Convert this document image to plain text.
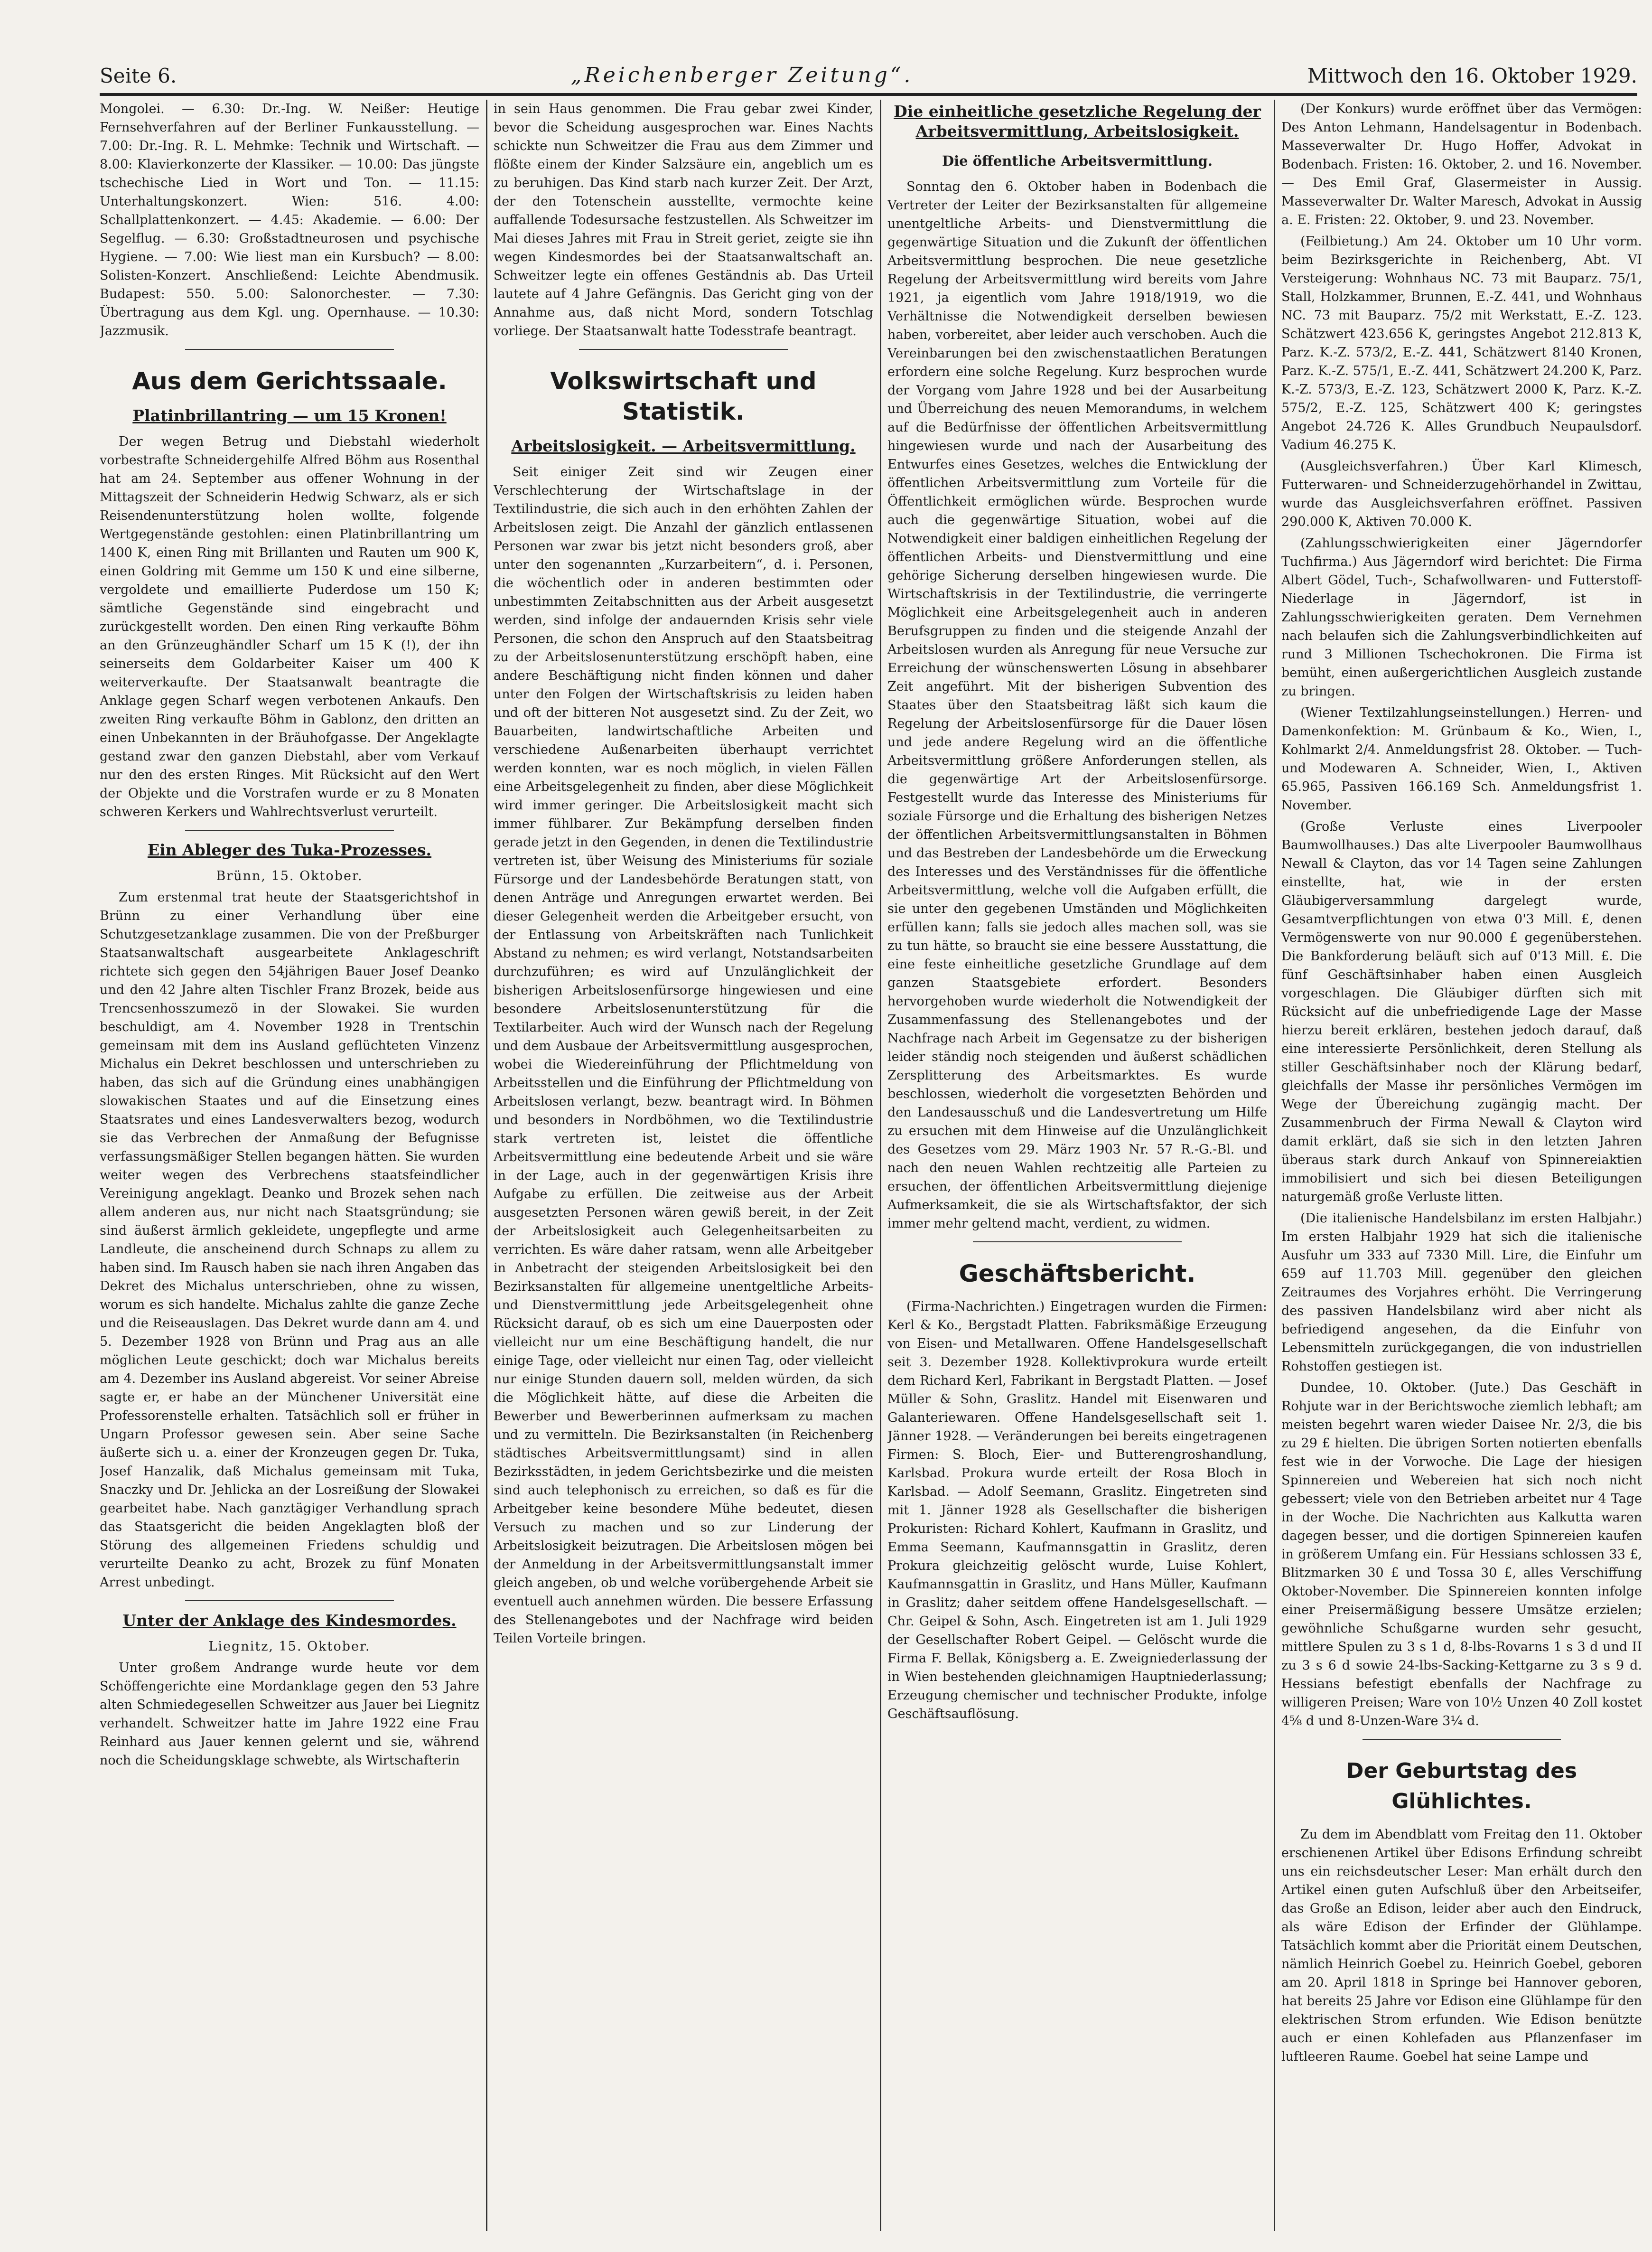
Seite 6.	„Reichenberger Zeitung“.	Mittwoch den 16. Oktober 1929.

Mongolei. — 6.30: Dr.-Ing. W. Neißer: Heutige Fernsehverfahren auf der Berliner Funkausstellung. — 7.00: Dr.-Ing. R. L. Mehmke: Technik und Wirtschaft. — 8.00: Klavierkonzerte der Klassiker. — 10.00: Das jüngste tschechische Lied in Wort und Ton. — 11.15: Unterhaltungskonzert. Wien: 516. 4.00: Schallplattenkonzert. — 4.45: Akademie. — 6.00: Der Segelflug. — 6.30: Großstadtneurosen und psychische Hygiene. — 7.00: Wie liest man ein Kursbuch? — 8.00: Solisten-Konzert. Anschließend: Leichte Abendmusik. Budapest: 550. 5.00: Salonorchester. — 7.30: Übertragung aus dem Kgl. ung. Opernhause. — 10.30: Jazzmusik.

Aus dem Gerichtssaale.
Platinbrillantring — um 15 Kronen!

Der wegen Betrug und Diebstahl wiederholt vorbestrafte Schneidergehilfe Alfred Böhm aus Rosenthal hat am 24. September aus offener Wohnung in der Mittagszeit der Schneiderin Hedwig Schwarz, als er sich Reisendenunterstützung holen wollte, folgende Wertgegenstände gestohlen: einen Platinbrillantring um 1400 K, einen Ring mit Brillanten und Rauten um 900 K, einen Goldring mit Gemme um 150 K und eine silberne, vergoldete und emaillierte Puderdose um 150 K; sämtliche Gegenstände sind eingebracht und zurückgestellt worden. Den einen Ring verkaufte Böhm an den Grünzeughändler Scharf um 15 K (!), der ihn seinerseits dem Goldarbeiter Kaiser um 400 K weiterverkaufte. Der Staatsanwalt beantragte die Anklage gegen Scharf wegen verbotenen Ankaufs. Den zweiten Ring verkaufte Böhm in Gablonz, den dritten an einen Unbekannten in der Bräuhofgasse. Der Angeklagte gestand zwar den ganzen Diebstahl, aber vom Verkauf nur den des ersten Ringes. Mit Rücksicht auf den Wert der Objekte und die Vorstrafen wurde er zu 8 Monaten schweren Kerkers und Wahlrechtsverlust verurteilt.

Ein Ableger des Tuka-Prozesses.
Brünn, 15. Oktober.

Zum erstenmal trat heute der Staatsgerichtshof in Brünn zu einer Verhandlung über eine Schutzgesetzanklage zusammen. Die von der Preßburger Staatsanwaltschaft ausgearbeitete Anklageschrift richtete sich gegen den 54jährigen Bauer Josef Deanko und den 42 Jahre alten Tischler Franz Brozek, beide aus Trencsenhosszumezö in der Slowakei. Sie wurden beschuldigt, am 4. November 1928 in Trentschin gemeinsam mit dem ins Ausland geflüchteten Vinzenz Michalus ein Dekret beschlossen und unterschrieben zu haben, das sich auf die Gründung eines unabhängigen slowakischen Staates und auf die Einsetzung eines Staatsrates und eines Landesverwalters bezog, wodurch sie das Verbrechen der Anmaßung der Befugnisse verfassungsmäßiger Stellen begangen hätten. Sie wurden weiter wegen des Verbrechens staatsfeindlicher Vereinigung angeklagt. Deanko und Brozek sehen nach allem anderen aus, nur nicht nach Staatsgründung; sie sind äußerst ärmlich gekleidete, ungepflegte und arme Landleute, die anscheinend durch Schnaps zu allem zu haben sind. Im Rausch haben sie nach ihren Angaben das Dekret des Michalus unterschrieben, ohne zu wissen, worum es sich handelte. Michalus zahlte die ganze Zeche und die Reiseauslagen. Das Dekret wurde dann am 4. und 5. Dezember 1928 von Brünn und Prag aus an alle möglichen Leute geschickt; doch war Michalus bereits am 4. Dezember ins Ausland abgereist. Vor seiner Abreise sagte er, er habe an der Münchener Universität eine Professorenstelle erhalten. Tatsächlich soll er früher in Ungarn Professor gewesen sein. Aber seine Sache äußerte sich u. a. einer der Kronzeugen gegen Dr. Tuka, Josef Hanzalik, daß Michalus gemeinsam mit Tuka, Snaczky und Dr. Jehlicka an der Losreißung der Slowakei gearbeitet habe. Nach ganztägiger Verhandlung sprach das Staatsgericht die beiden Angeklagten bloß der Störung des allgemeinen Friedens schuldig und verurteilte Deanko zu acht, Brozek zu fünf Monaten Arrest unbedingt.

Unter der Anklage des Kindesmordes.
Liegnitz, 15. Oktober.

Unter großem Andrange wurde heute vor dem Schöffengerichte eine Mordanklage gegen den 53 Jahre alten Schmiedegesellen Schweitzer aus Jauer bei Liegnitz verhandelt. Schweitzer hatte im Jahre 1922 eine Frau Reinhard aus Jauer kennen gelernt und sie, während noch die Scheidungsklage schwebte, als Wirtschafterin

in sein Haus genommen. Die Frau gebar zwei Kinder, bevor die Scheidung ausgesprochen war. Eines Nachts schickte nun Schweitzer die Frau aus dem Zimmer und flößte einem der Kinder Salzsäure ein, angeblich um es zu beruhigen. Das Kind starb nach kurzer Zeit. Der Arzt, der den Totenschein ausstellte, vermochte keine auffallende Todesursache festzustellen. Als Schweitzer im Mai dieses Jahres mit Frau in Streit geriet, zeigte sie ihn wegen Kindesmordes bei der Staatsanwaltschaft an. Schweitzer legte ein offenes Geständnis ab. Das Urteil lautete auf 4 Jahre Gefängnis. Das Gericht ging von der Annahme aus, daß nicht Mord, sondern Totschlag vorliege. Der Staatsanwalt hatte Todesstrafe beantragt.

Volkswirtschaft und Statistik.
Arbeitslosigkeit. — Arbeitsvermittlung.

Seit einiger Zeit sind wir Zeugen einer Verschlechterung der Wirtschaftslage in der Textilindustrie, die sich auch in den erhöhten Zahlen der Arbeitslosen zeigt. Die Anzahl der gänzlich entlassenen Personen war zwar bis jetzt nicht besonders groß, aber unter den sogenannten „Kurzarbeitern“, d. i. Personen, die wöchentlich oder in anderen bestimmten oder unbestimmten Zeitabschnitten aus der Arbeit ausgesetzt werden, sind infolge der andauernden Krisis sehr viele Personen, die schon den Anspruch auf den Staatsbeitrag zu der Arbeitslosenunterstützung erschöpft haben, eine andere Beschäftigung nicht finden können und daher unter den Folgen der Wirtschaftskrisis zu leiden haben und oft der bitteren Not ausgesetzt sind. Zu der Zeit, wo Bauarbeiten, landwirtschaftliche Arbeiten und verschiedene Außenarbeiten überhaupt verrichtet werden konnten, war es noch möglich, in vielen Fällen eine Arbeitsgelegenheit zu finden, aber diese Möglichkeit wird immer geringer. Die Arbeitslosigkeit macht sich immer fühlbarer. Zur Bekämpfung derselben finden gerade jetzt in den Gegenden, in denen die Textilindustrie vertreten ist, über Weisung des Ministeriums für soziale Fürsorge und der Landesbehörde Beratungen statt, von denen Anträge und Anregungen erwartet werden. Bei dieser Gelegenheit werden die Arbeitgeber ersucht, von der Entlassung von Arbeitskräften nach Tunlichkeit Abstand zu nehmen; es wird verlangt, Notstandsarbeiten durchzuführen; es wird auf Unzulänglichkeit der bisherigen Arbeitslosenfürsorge hingewiesen und eine besondere Arbeitslosenunterstützung für die Textilarbeiter. Auch wird der Wunsch nach der Regelung und dem Ausbaue der Arbeitsvermittlung ausgesprochen, wobei die Wiedereinführung der Pflichtmeldung von Arbeitsstellen und die Einführung der Pflichtmeldung von Arbeitslosen verlangt, bezw. beantragt wird. In Böhmen und besonders in Nordböhmen, wo die Textilindustrie stark vertreten ist, leistet die öffentliche Arbeitsvermittlung eine bedeutende Arbeit und sie wäre in der Lage, auch in der gegenwärtigen Krisis ihre Aufgabe zu erfüllen. Die zeitweise aus der Arbeit ausgesetzten Personen wären gewiß bereit, in der Zeit der Arbeitslosigkeit auch Gelegenheitsarbeiten zu verrichten. Es wäre daher ratsam, wenn alle Arbeitgeber in Anbetracht der steigenden Arbeitslosigkeit bei den Bezirksanstalten für allgemeine unentgeltliche Arbeits- und Dienstvermittlung jede Arbeitsgelegenheit ohne Rücksicht darauf, ob es sich um eine Dauerposten oder vielleicht nur um eine Beschäftigung handelt, die nur einige Tage, oder vielleicht nur einen Tag, oder vielleicht nur einige Stunden dauern soll, melden würden, da sich die Möglichkeit hätte, auf diese die Arbeiten die Bewerber und Bewerberinnen aufmerksam zu machen und zu vermitteln. Die Bezirksanstalten (in Reichenberg städtisches Arbeitsvermittlungsamt) sind in allen Bezirksstädten, in jedem Gerichtsbezirke und die meisten sind auch telephonisch zu erreichen, so daß es für die Arbeitgeber keine besondere Mühe bedeutet, diesen Versuch zu machen und so zur Linderung der Arbeitslosigkeit beizutragen. Die Arbeitslosen mögen bei der Anmeldung in der Arbeitsvermittlungsanstalt immer gleich angeben, ob und welche vorübergehende Arbeit sie eventuell auch annehmen würden. Die bessere Erfassung des Stellenangebotes und der Nachfrage wird beiden Teilen Vorteile bringen.

Die einheitliche gesetzliche Regelung der Arbeitsvermittlung, Arbeitslosigkeit.
Die öffentliche Arbeitsvermittlung.

Sonntag den 6. Oktober haben in Bodenbach die Vertreter der Leiter der Bezirksanstalten für allgemeine unentgeltliche Arbeits- und Dienstvermittlung die gegenwärtige Situation und die Zukunft der öffentlichen Arbeitsvermittlung besprochen. Die neue gesetzliche Regelung der Arbeitsvermittlung wird bereits vom Jahre 1921, ja eigentlich vom Jahre 1918/1919, wo die Verhältnisse die Notwendigkeit derselben bewiesen haben, vorbereitet, aber leider auch verschoben. Auch die Vereinbarungen bei den zwischenstaatlichen Beratungen erfordern eine solche Regelung. Kurz besprochen wurde der Vorgang vom Jahre 1928 und bei der Ausarbeitung und Überreichung des neuen Memorandums, in welchem auf die Bedürfnisse der öffentlichen Arbeitsvermittlung hingewiesen wurde und nach der Ausarbeitung des Entwurfes eines Gesetzes, welches die Entwicklung der öffentlichen Arbeitsvermittlung zum Vorteile für die Öffentlichkeit ermöglichen würde. Besprochen wurde auch die gegenwärtige Situation, wobei auf die Notwendigkeit einer baldigen einheitlichen Regelung der öffentlichen Arbeits- und Dienstvermittlung und eine gehörige Sicherung derselben hingewiesen wurde. Die Wirtschaftskrisis in der Textilindustrie, die verringerte Möglichkeit eine Arbeitsgelegenheit auch in anderen Berufsgruppen zu finden und die steigende Anzahl der Arbeitslosen wurden als Anregung für neue Versuche zur Erreichung der wünschenswerten Lösung in absehbarer Zeit angeführt. Mit der bisherigen Subvention des Staates über den Staatsbeitrag läßt sich kaum die Regelung der Arbeitslosenfürsorge für die Dauer lösen und jede andere Regelung wird an die öffentliche Arbeitsvermittlung größere Anforderungen stellen, als die gegenwärtige Art der Arbeitslosenfürsorge. Festgestellt wurde das Interesse des Ministeriums für soziale Fürsorge und die Erhaltung des bisherigen Netzes der öffentlichen Arbeitsvermittlungsanstalten in Böhmen und das Bestreben der Landesbehörde um die Erweckung des Interesses und des Verständnisses für die öffentliche Arbeitsvermittlung, welche voll die Aufgaben erfüllt, die sie unter den gegebenen Umständen und Möglichkeiten erfüllen kann; falls sie jedoch alles machen soll, was sie zu tun hätte, so braucht sie eine bessere Ausstattung, die eine feste einheitliche gesetzliche Grundlage auf dem ganzen Staatsgebiete erfordert. Besonders hervorgehoben wurde wiederholt die Notwendigkeit der Zusammenfassung des Stellenangebotes und der Nachfrage nach Arbeit im Gegensatze zu der bisherigen leider ständig noch steigenden und äußerst schädlichen Zersplitterung des Arbeitsmarktes. Es wurde beschlossen, wiederholt die vorgesetzten Behörden und den Landesausschuß und die Landesvertretung um Hilfe zu ersuchen mit dem Hinweise auf die Unzulänglichkeit des Gesetzes vom 29. März 1903 Nr. 57 R.-G.-Bl. und nach den neuen Wahlen rechtzeitig alle Parteien zu ersuchen, der öffentlichen Arbeitsvermittlung diejenige Aufmerksamkeit, die sie als Wirtschaftsfaktor, der sich immer mehr geltend macht, verdient, zu widmen.

Geschäftsbericht.

(Firma-Nachrichten.) Eingetragen wurden die Firmen: Kerl & Ko., Bergstadt Platten. Fabriksmäßige Erzeugung von Eisen- und Metallwaren. Offene Handelsgesellschaft seit 3. Dezember 1928. Kollektivprokura wurde erteilt dem Richard Kerl, Fabrikant in Bergstadt Platten. — Josef Müller & Sohn, Graslitz. Handel mit Eisenwaren und Galanteriewaren. Offene Handelsgesellschaft seit 1. Jänner 1928. — Veränderungen bei bereits eingetragenen Firmen: S. Bloch, Eier- und Butterengroshandlung, Karlsbad. Prokura wurde erteilt der Rosa Bloch in Karlsbad. — Adolf Seemann, Graslitz. Eingetreten sind mit 1. Jänner 1928 als Gesellschafter die bisherigen Prokuristen: Richard Kohlert, Kaufmann in Graslitz, und Emma Seemann, Kaufmannsgattin in Graslitz, deren Prokura gleichzeitig gelöscht wurde, Luise Kohlert, Kaufmannsgattin in Graslitz, und Hans Müller, Kaufmann in Graslitz; daher seitdem offene Handelsgesellschaft. — Chr. Geipel & Sohn, Asch. Eingetreten ist am 1. Juli 1929 der Gesellschafter Robert Geipel. — Gelöscht wurde die Firma F. Bellak, Königsberg a. E. Zweigniederlassung der in Wien bestehenden gleichnamigen Hauptniederlassung; Erzeugung chemischer und technischer Produkte, infolge Geschäftsauflösung.

(Der Konkurs) wurde eröffnet über das Vermögen: Des Anton Lehmann, Handelsagentur in Bodenbach. Masseverwalter Dr. Hugo Hoffer, Advokat in Bodenbach. Fristen: 16. Oktober, 2. und 16. November. — Des Emil Graf, Glasermeister in Aussig. Masseverwalter Dr. Walter Maresch, Advokat in Aussig a. E. Fristen: 22. Oktober, 9. und 23. November.

(Feilbietung.) Am 24. Oktober um 10 Uhr vorm. beim Bezirksgerichte in Reichenberg, Abt. VI Versteigerung: Wohnhaus NC. 73 mit Bauparz. 75/1, Stall, Holzkammer, Brunnen, E.-Z. 441, und Wohnhaus NC. 73 mit Bauparz. 75/2 mit Werkstatt, E.-Z. 123. Schätzwert 423.656 K, geringstes Angebot 212.813 K, Parz. K.-Z. 573/2, E.-Z. 441, Schätzwert 8140 Kronen, Parz. K.-Z. 575/1, E.-Z. 441, Schätzwert 24.200 K, Parz. K.-Z. 573/3, E.-Z. 123, Schätzwert 2000 K, Parz. K.-Z. 575/2, E.-Z. 125, Schätzwert 400 K; geringstes Angebot 24.726 K. Alles Grundbuch Neupaulsdorf. Vadium 46.275 K.

(Ausgleichsverfahren.) Über Karl Klimesch, Futterwaren- und Schneiderzugehörhandel in Zwittau, wurde das Ausgleichsverfahren eröffnet. Passiven 290.000 K, Aktiven 70.000 K.

(Zahlungsschwierigkeiten einer Jägerndorfer Tuchfirma.) Aus Jägerndorf wird berichtet: Die Firma Albert Gödel, Tuch-, Schafwollwaren- und Futterstoff-Niederlage in Jägerndorf, ist in Zahlungsschwierigkeiten geraten. Dem Vernehmen nach belaufen sich die Zahlungsverbindlichkeiten auf rund 3 Millionen Tschechokronen. Die Firma ist bemüht, einen außergerichtlichen Ausgleich zustande zu bringen.

(Wiener Textilzahlungseinstellungen.) Herren- und Damenkonfektion: M. Grünbaum & Ko., Wien, I., Kohlmarkt 2/4. Anmeldungsfrist 28. Oktober. — Tuch- und Modewaren A. Schneider, Wien, I., Aktiven 65.965, Passiven 166.169 Sch. Anmeldungsfrist 1. November.

(Große Verluste eines Liverpooler Baumwollhauses.) Das alte Liverpooler Baumwollhaus Newall & Clayton, das vor 14 Tagen seine Zahlungen einstellte, hat, wie in der ersten Gläubigerversammlung dargelegt wurde, Gesamtverpflichtungen von etwa 0'3 Mill. £, denen Vermögenswerte von nur 90.000 £ gegenüberstehen. Die Bankforderung beläuft sich auf 0'13 Mill. £. Die fünf Geschäftsinhaber haben einen Ausgleich vorgeschlagen. Die Gläubiger dürften sich mit Rücksicht auf die unbefriedigende Lage der Masse hierzu bereit erklären, bestehen jedoch darauf, daß eine interessierte Persönlichkeit, deren Stellung als stiller Geschäftsinhaber noch der Klärung bedarf, gleichfalls der Masse ihr persönliches Vermögen im Wege der Übereichung zugängig macht. Der Zusammenbruch der Firma Newall & Clayton wird damit erklärt, daß sie sich in den letzten Jahren überaus stark durch Ankauf von Spinnereiaktien immobilisiert und sich bei diesen Beteiligungen naturgemäß große Verluste litten.

(Die italienische Handelsbilanz im ersten Halbjahr.) Im ersten Halbjahr 1929 hat sich die italienische Ausfuhr um 333 auf 7330 Mill. Lire, die Einfuhr um 659 auf 11.703 Mill. gegenüber den gleichen Zeitraumes des Vorjahres erhöht. Die Verringerung des passiven Handelsbilanz wird aber nicht als befriedigend angesehen, da die Einfuhr von Lebensmitteln zurückgegangen, die von industriellen Rohstoffen gestiegen ist.

Dundee, 10. Oktober. (Jute.) Das Geschäft in Rohjute war in der Berichtswoche ziemlich lebhaft; am meisten begehrt waren wieder Daisee Nr. 2/3, die bis zu 29 £ hielten. Die übrigen Sorten notierten ebenfalls fest wie in der Vorwoche. Die Lage der hiesigen Spinnereien und Webereien hat sich noch nicht gebessert; viele von den Betrieben arbeitet nur 4 Tage in der Woche. Die Nachrichten aus Kalkutta waren dagegen besser, und die dortigen Spinnereien kaufen in größerem Umfang ein. Für Hessians schlossen 33 £, Blitzmarken 30 £ und Tossa 30 £, alles Verschiffung Oktober-November. Die Spinnereien konnten infolge einer Preisermäßigung bessere Umsätze erzielen; gewöhnliche Schußgarne wurden sehr gesucht, mittlere Spulen zu 3 s 1 d, 8-lbs-Rovarns 1 s 3 d und II zu 3 s 6 d sowie 24-lbs-Sacking-Kettgarne zu 3 s 9 d. Hessians befestigt ebenfalls der Nachfrage zu willigeren Preisen; Ware von 10½ Unzen 40 Zoll kostet 4⅝ d und 8-Unzen-Ware 3¼ d.

Der Geburtstag des Glühlichtes.

Zu dem im Abendblatt vom Freitag den 11. Oktober erschienenen Artikel über Edisons Erfindung schreibt uns ein reichsdeutscher Leser: Man erhält durch den Artikel einen guten Aufschluß über den Arbeitseifer, das Große an Edison, leider aber auch den Eindruck, als wäre Edison der Erfinder der Glühlampe. Tatsächlich kommt aber die Priorität einem Deutschen, nämlich Heinrich Goebel zu. Heinrich Goebel, geboren am 20. April 1818 in Springe bei Hannover geboren, hat bereits 25 Jahre vor Edison eine Glühlampe für den elektrischen Strom erfunden. Wie Edison benützte auch er einen Kohlefaden aus Pflanzenfaser im luftleeren Raume. Goebel hat seine Lampe und
